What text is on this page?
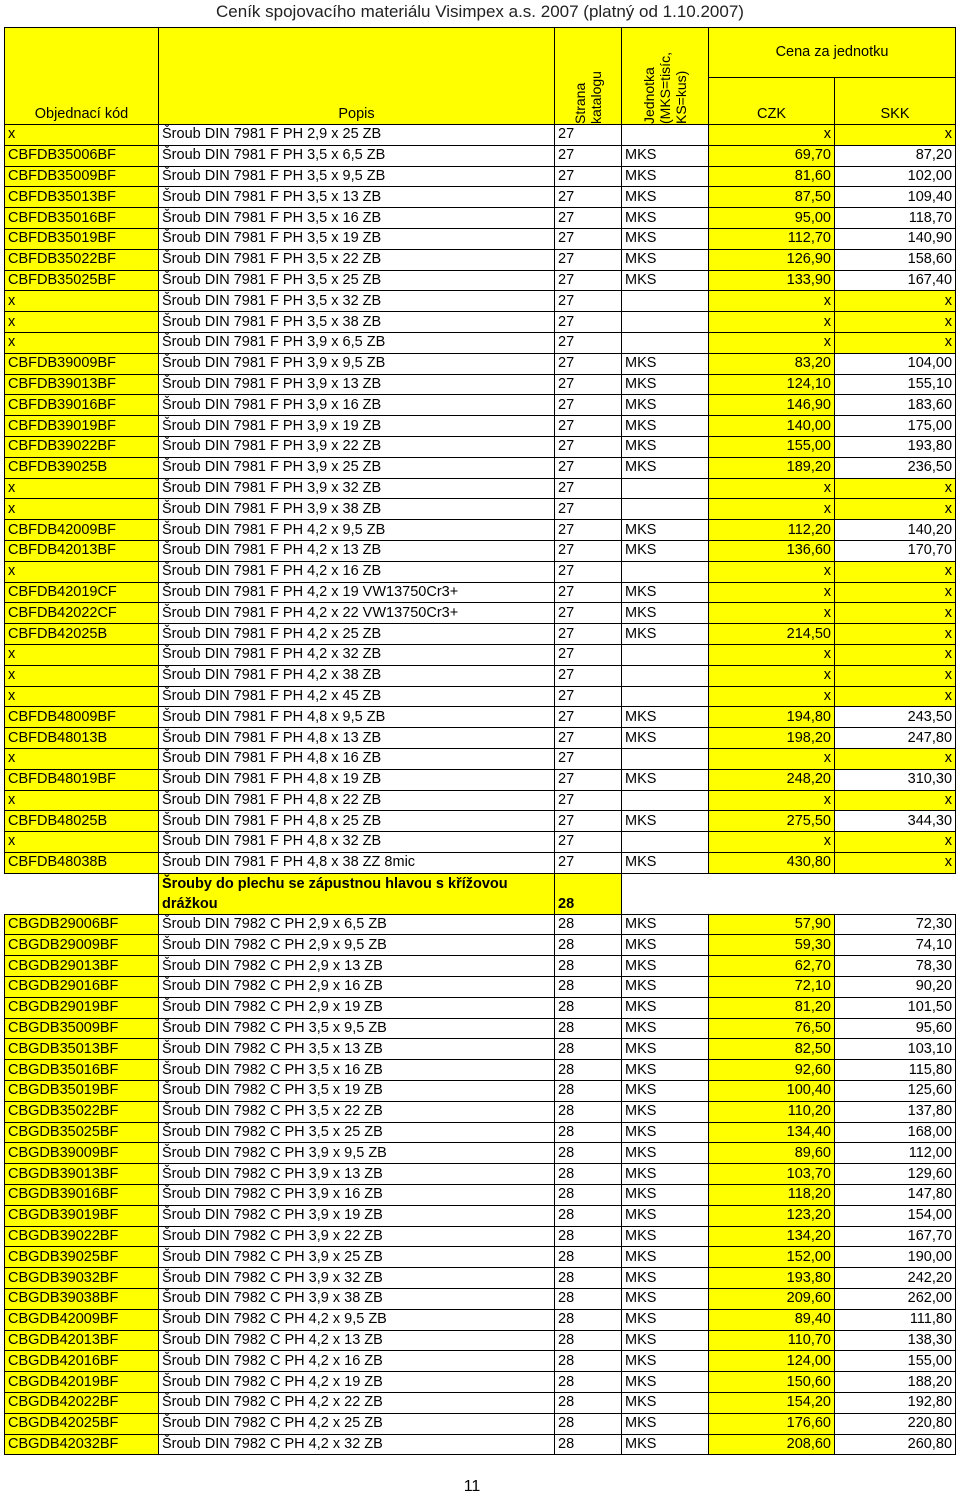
Ceník spojovacího materiálu Visimpex a.s. 2007 (platný od 1.10.2007)
Objednací kód	Popis	Strana katalogu	Jednotka (MKS=tisíc, KS=kus)	Cena za jednotku	
				CZK	SKK
x	Šroub DIN 7981 F PH 2,9 x 25 ZB	27		x	x
CBFDB35006BF	Šroub DIN 7981 F PH 3,5 x 6,5 ZB	27	MKS	69,70	87,20
CBFDB35009BF	Šroub DIN 7981 F PH 3,5 x 9,5 ZB	27	MKS	81,60	102,00
CBFDB35013BF	Šroub DIN 7981 F PH 3,5 x 13 ZB	27	MKS	87,50	109,40
CBFDB35016BF	Šroub DIN 7981 F PH 3,5 x 16 ZB	27	MKS	95,00	118,70
CBFDB35019BF	Šroub DIN 7981 F PH 3,5 x 19 ZB	27	MKS	112,70	140,90
CBFDB35022BF	Šroub DIN 7981 F PH 3,5 x 22 ZB	27	MKS	126,90	158,60
CBFDB35025BF	Šroub DIN 7981 F PH 3,5 x 25 ZB	27	MKS	133,90	167,40
x	Šroub DIN 7981 F PH 3,5 x 32 ZB	27		x	x
x	Šroub DIN 7981 F PH 3,5 x 38 ZB	27		x	x
x	Šroub DIN 7981 F PH 3,9 x 6,5 ZB	27		x	x
CBFDB39009BF	Šroub DIN 7981 F PH 3,9 x 9,5 ZB	27	MKS	83,20	104,00
CBFDB39013BF	Šroub DIN 7981 F PH 3,9 x 13 ZB	27	MKS	124,10	155,10
CBFDB39016BF	Šroub DIN 7981 F PH 3,9 x 16 ZB	27	MKS	146,90	183,60
CBFDB39019BF	Šroub DIN 7981 F PH 3,9 x 19 ZB	27	MKS	140,00	175,00
CBFDB39022BF	Šroub DIN 7981 F PH 3,9 x 22 ZB	27	MKS	155,00	193,80
CBFDB39025B	Šroub DIN 7981 F PH 3,9 x 25 ZB	27	MKS	189,20	236,50
x	Šroub DIN 7981 F PH 3,9 x 32 ZB	27		x	x
x	Šroub DIN 7981 F PH 3,9 x 38 ZB	27		x	x
CBFDB42009BF	Šroub DIN 7981 F PH 4,2 x 9,5 ZB	27	MKS	112,20	140,20
CBFDB42013BF	Šroub DIN 7981 F PH 4,2 x 13 ZB	27	MKS	136,60	170,70
x	Šroub DIN 7981 F PH 4,2 x 16 ZB	27		x	x
CBFDB42019CF	Šroub DIN 7981 F PH 4,2 x 19 VW13750Cr3+	27	MKS	x	x
CBFDB42022CF	Šroub DIN 7981 F PH 4,2 x 22 VW13750Cr3+	27	MKS	x	x
CBFDB42025B	Šroub DIN 7981 F PH 4,2 x 25 ZB	27	MKS	214,50	x
x	Šroub DIN 7981 F PH 4,2 x 32 ZB	27		x	x
x	Šroub DIN 7981 F PH 4,2 x 38 ZB	27		x	x
x	Šroub DIN 7981 F PH 4,2 x 45 ZB	27		x	x
CBFDB48009BF	Šroub DIN 7981 F PH 4,8 x 9,5 ZB	27	MKS	194,80	243,50
CBFDB48013B	Šroub DIN 7981 F PH 4,8 x 13 ZB	27	MKS	198,20	247,80
x	Šroub DIN 7981 F PH 4,8 x 16 ZB	27		x	x
CBFDB48019BF	Šroub DIN 7981 F PH 4,8 x 19 ZB	27	MKS	248,20	310,30
x	Šroub DIN 7981 F PH 4,8 x 22 ZB	27		x	x
CBFDB48025B	Šroub DIN 7981 F PH 4,8 x 25 ZB	27	MKS	275,50	344,30
x	Šroub DIN 7981 F PH 4,8 x 32 ZB	27		x	x
CBFDB48038B	Šroub DIN 7981 F PH 4,8 x 38 ZZ 8mic	27	MKS	430,80	x
	Šrouby do plechu se zápustnou hlavou s křížovou drážkou	28			
CBGDB29006BF	Šroub DIN 7982 C PH 2,9 x 6,5 ZB	28	MKS	57,90	72,30
CBGDB29009BF	Šroub DIN 7982 C PH 2,9 x 9,5 ZB	28	MKS	59,30	74,10
CBGDB29013BF	Šroub DIN 7982 C PH 2,9 x 13 ZB	28	MKS	62,70	78,30
CBGDB29016BF	Šroub DIN 7982 C PH 2,9 x 16 ZB	28	MKS	72,10	90,20
CBGDB29019BF	Šroub DIN 7982 C PH 2,9 x 19 ZB	28	MKS	81,20	101,50
CBGDB35009BF	Šroub DIN 7982 C PH 3,5 x 9,5 ZB	28	MKS	76,50	95,60
CBGDB35013BF	Šroub DIN 7982 C PH 3,5 x 13 ZB	28	MKS	82,50	103,10
CBGDB35016BF	Šroub DIN 7982 C PH 3,5 x 16 ZB	28	MKS	92,60	115,80
CBGDB35019BF	Šroub DIN 7982 C PH 3,5 x 19 ZB	28	MKS	100,40	125,60
CBGDB35022BF	Šroub DIN 7982 C PH 3,5 x 22 ZB	28	MKS	110,20	137,80
CBGDB35025BF	Šroub DIN 7982 C PH 3,5 x 25 ZB	28	MKS	134,40	168,00
CBGDB39009BF	Šroub DIN 7982 C PH 3,9 x 9,5 ZB	28	MKS	89,60	112,00
CBGDB39013BF	Šroub DIN 7982 C PH 3,9 x 13 ZB	28	MKS	103,70	129,60
CBGDB39016BF	Šroub DIN 7982 C PH 3,9 x 16 ZB	28	MKS	118,20	147,80
CBGDB39019BF	Šroub DIN 7982 C PH 3,9 x 19 ZB	28	MKS	123,20	154,00
CBGDB39022BF	Šroub DIN 7982 C PH 3,9 x 22 ZB	28	MKS	134,20	167,70
CBGDB39025BF	Šroub DIN 7982 C PH 3,9 x 25 ZB	28	MKS	152,00	190,00
CBGDB39032BF	Šroub DIN 7982 C PH 3,9 x 32 ZB	28	MKS	193,80	242,20
CBGDB39038BF	Šroub DIN 7982 C PH 3,9 x 38 ZB	28	MKS	209,60	262,00
CBGDB42009BF	Šroub DIN 7982 C PH 4,2 x 9,5 ZB	28	MKS	89,40	111,80
CBGDB42013BF	Šroub DIN 7982 C PH 4,2 x 13 ZB	28	MKS	110,70	138,30
CBGDB42016BF	Šroub DIN 7982 C PH 4,2 x 16 ZB	28	MKS	124,00	155,00
CBGDB42019BF	Šroub DIN 7982 C PH 4,2 x 19 ZB	28	MKS	150,60	188,20
CBGDB42022BF	Šroub DIN 7982 C PH 4,2 x 22 ZB	28	MKS	154,20	192,80
CBGDB42025BF	Šroub DIN 7982 C PH 4,2 x 25 ZB	28	MKS	176,60	220,80
CBGDB42032BF	Šroub DIN 7982 C PH 4,2 x 32 ZB	28	MKS	208,60	260,80
11
